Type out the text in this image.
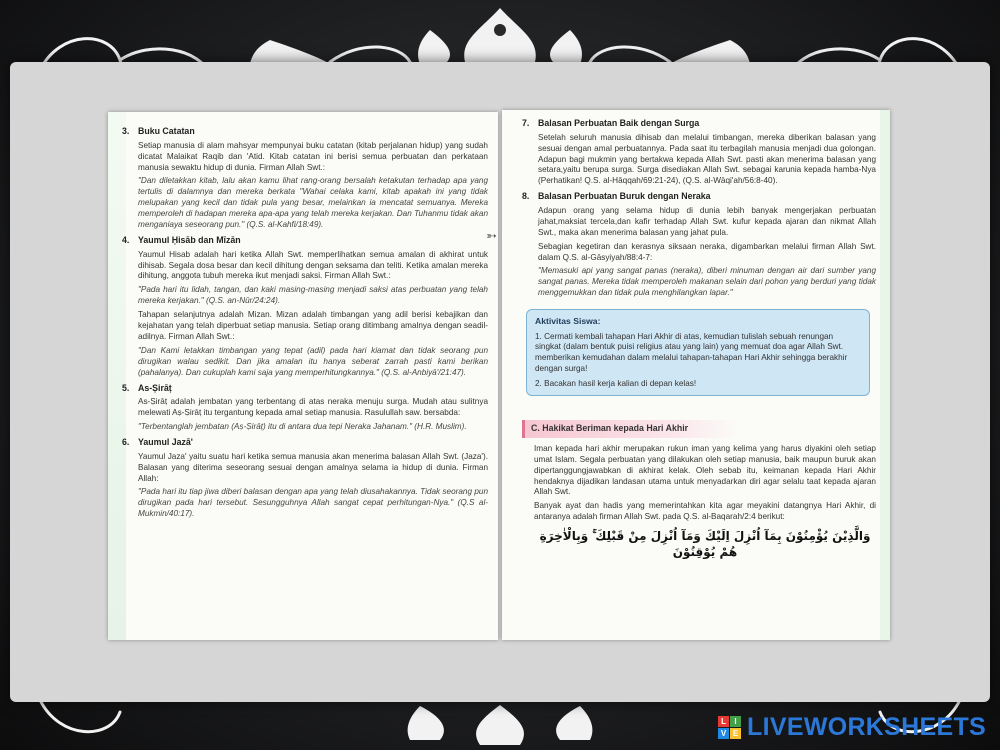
3. Buku Catatan

Setiap manusia di alam mahsyar mempunyai buku catatan (kitab perjalanan hidup) yang sudah dicatat Malaikat Raqib dan 'Atid. Kitab catatan ini berisi semua perbuatan dan perkataan manusia sewaktu hidup di dunia. Firman Allah Swt.:

"Dan diletakkan kitab, lalu akan kamu lihat rang-orang bersalah ketakutan terhadap apa yang tertulis di dalamnya dan mereka berkata "Wahai celaka kami, kitab apakah ini yang tidak melupakan yang kecil dan tidak pula yang besar, melainkan ia mencatat semuanya. Mereka memperoleh di hadapan mereka apa-apa yang telah mereka kerjakan. Dan Tuhanmu tidak akan menganiaya seseorang pun." (Q.S. al-Kahfi/18:49).

4. Yaumul Ḥisāb dan Mīzān

Yaumul Hisab adalah hari ketika Allah Swt. memperlihatkan semua amalan di akhirat untuk dihisab. Segala dosa besar dan kecil dihitung dengan seksama dan teliti. Ketika amalan mereka dihitung, anggota tubuh mereka ikut menjadi saksi. Firman Allah Swt.:

"Pada hari itu lidah, tangan, dan kaki masing-masing menjadi saksi atas perbuatan yang telah mereka kerjakan." (Q.S. an-Nūr/24:24).

Tahapan selanjutnya adalah Mizan. Mizan adalah timbangan yang adil berisi kebajikan dan kejahatan yang telah diperbuat setiap manusia. Setiap orang ditimbang amalnya dengan seadil-adilnya. Firman Allah Swt.:

"Dan Kami letakkan timbangan yang tepat (adil) pada hari kiamat dan tidak seorang pun dirugikan walau sedikit. Dan jika amalan itu hanya seberat zarrah pasti kami berikan (pahalanya). Dan cukuplah kami saja yang memperhitungkannya." (Q.S. al-Anbiyā'/21:47).

5. As-Ṣirāṭ

As-Ṣirāṭ adalah jembatan yang terbentang di atas neraka menuju surga. Mudah atau sulitnya melewati Aṣ-Ṣirāṭ itu tergantung kepada amal setiap manusia. Rasulullah saw. bersabda:

"Terbentanglah jembatan (Aṣ-Ṣirāṭ) itu di antara dua tepi Neraka Jahanam." (H.R. Muslim).

6. Yaumul Jazā'

Yaumul Jaza' yaitu suatu hari ketika semua manusia akan menerima balasan Allah Swt. (Jaza'). Balasan yang diterima seseorang sesuai dengan amalnya selama ia hidup di dunia. Firman Allah:

"Pada hari itu tiap jiwa diberi balasan dengan apa yang telah diusahakannya. Tidak seorang pun dirugikan pada hari tersebut. Sesungguhnya Allah sangat cepat perhitungan-Nya." (Q.S al-Mukmin/40:17).

➳
7. Balasan Perbuatan Baik dengan Surga

Setelah seluruh manusia dihisab dan melalui timbangan, mereka diberikan balasan yang sesuai dengan amal perbuatannya. Pada saat itu terbagilah manusia menjadi dua golongan. Adapun bagi mukmin yang bertakwa kepada Allah Swt. pasti akan menerima balasan yang setara,yaitu berupa surga. Surga disediakan Allah Swt. sebagai karunia kepada hamba-Nya (Perhatikan! Q.S. al-Hāqqah/69:21-24), (Q.S. al-Wāqi'ah/56:8-40).

8. Balasan Perbuatan Buruk dengan Neraka

Adapun orang yang selama hidup di dunia lebih banyak mengerjakan perbuatan jahat,maksiat tercela,dan kafir terhadap Allah Swt. kufur kepada ajaran dan nikmat Allah Swt., maka akan menerima balasan yang jahat pula.

Sebagian kegetiran dan kerasnya siksaan neraka, digambarkan melalui firman Allah Swt. dalam Q.S. al-Gāsyiyah/88:4-7:

"Memasuki api yang sangat panas (neraka), diberi minuman dengan air dari sumber yang sangat panas. Mereka tidak memperoleh makanan selain dari pohon yang berduri yang tidak menggemukkan dan tidak pula menghilangkan lapar."

Aktivitas Siswa:
1. Cermati kembali tahapan Hari Akhir di atas, kemudian tulislah sebuah renungan singkat (dalam bentuk puisi religius atau yang lain) yang memuat doa agar Allah Swt. memberikan kemudahan dalam melalui tahapan-tahapan Hari Akhir sehingga berakhir dengan surga!
2. Bacakan hasil kerja kalian di depan kelas!
C. Hakikat Beriman kepada Hari Akhir

Iman kepada hari akhir merupakan rukun iman yang kelima yang harus diyakini oleh setiap umat Islam. Segala perbuatan yang dilakukan oleh setiap manusia, baik maupun buruk akan dipertanggungjawabkan di akhirat kelak. Oleh sebab itu, keimanan kepada Hari Akhir hendaknya dijadikan landasan utama untuk menyadarkan diri agar selalu taat kepada ajaran Allah Swt.

Banyak ayat dan hadis yang memerintahkan kita agar meyakini datangnya Hari Akhir, di antaranya adalah firman Allah Swt. pada Q.S. al-Baqarah/2:4 berikut:

وَالَّذِيْنَ يُؤْمِنُوْنَ بِمَآ اُنْزِلَ اِلَيْكَ وَمَآ اُنْزِلَ مِنْ قَبْلِكَ ۚ وَبِالْاٰخِرَةِ هُمْ يُوْقِنُوْنَ
L	I
V E LIVEWORKSHEETS
